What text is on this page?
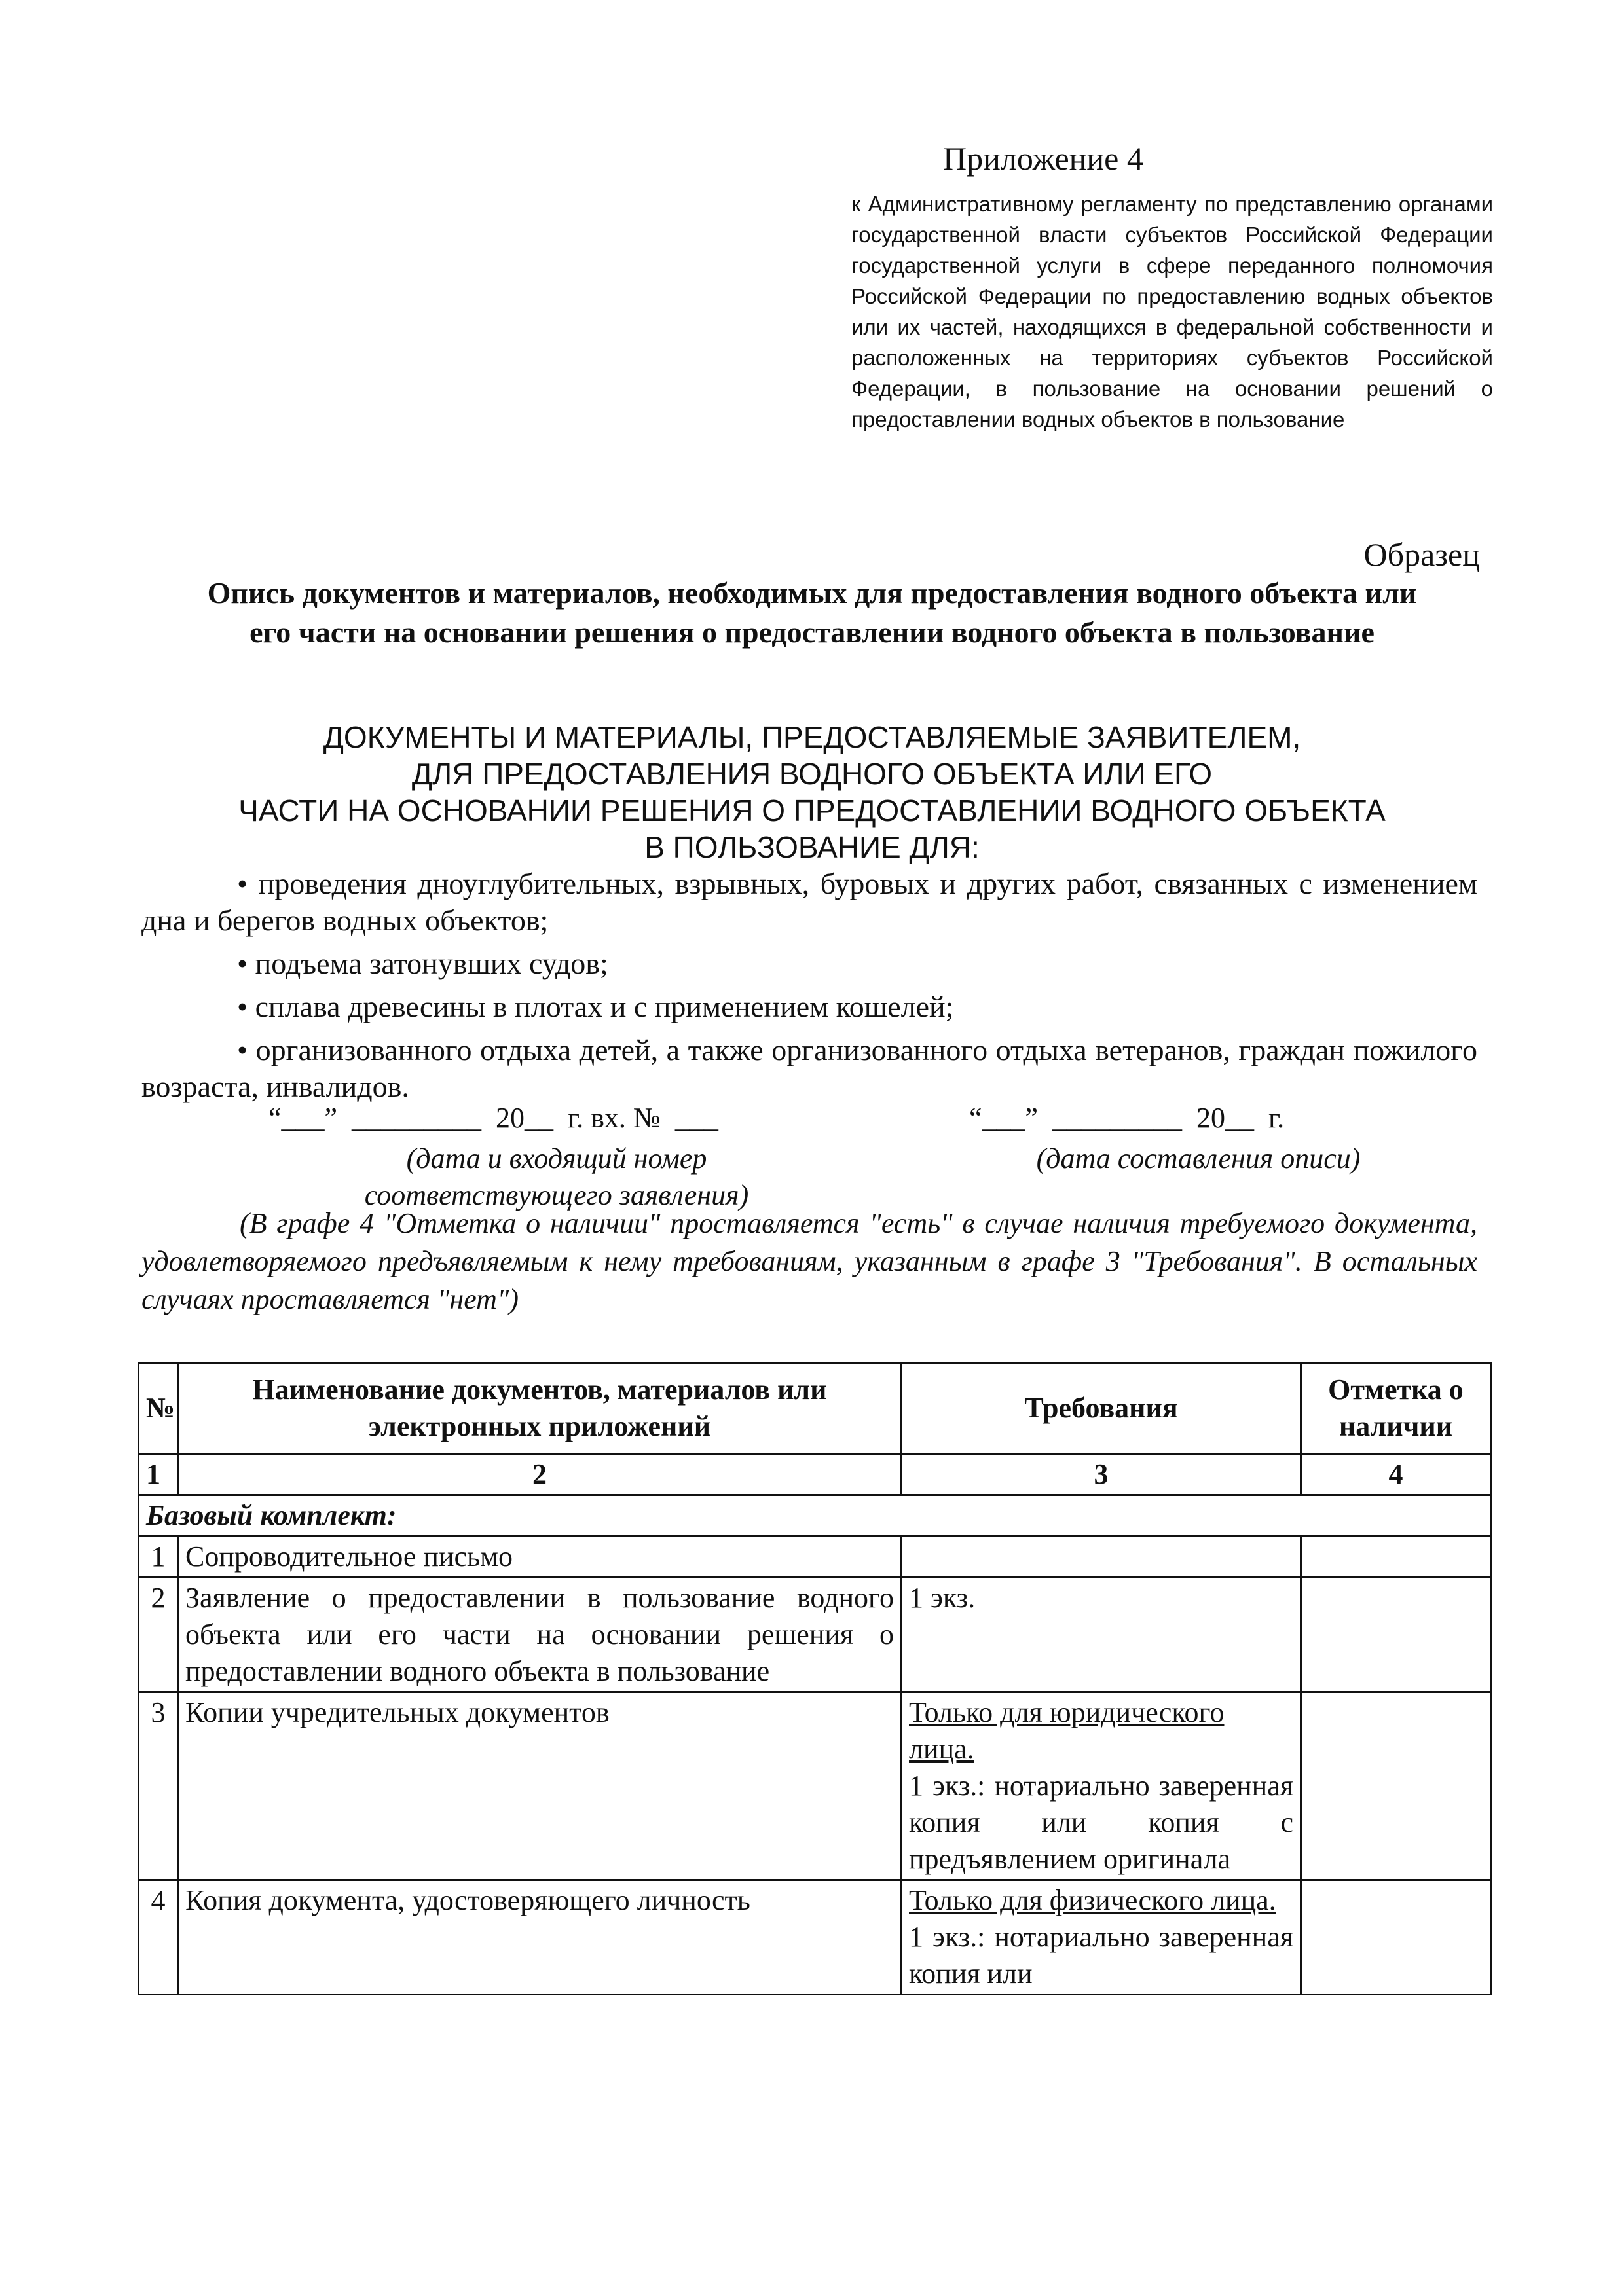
Приложение 4
к Административному регламенту по представлению органами государственной власти субъектов Российской Федерации государственной услуги в сфере переданного полномочия Российской Федерации по предоставлению водных объектов или их частей, находящихся в федеральной собственности и расположенных на территориях субъектов Российской Федерации, в пользование на основании решений о предоставлении водных объектов в пользование
Образец
Опись документов и материалов, необходимых для предоставления водного объекта или его части на основании решения о предоставлении водного объекта в пользование
ДОКУМЕНТЫ И МАТЕРИАЛЫ, ПРЕДОСТАВЛЯЕМЫЕ ЗАЯВИТЕЛЕМ,
ДЛЯ ПРЕДОСТАВЛЕНИЯ ВОДНОГО ОБЪЕКТА ИЛИ ЕГО
ЧАСТИ НА ОСНОВАНИИ РЕШЕНИЯ О ПРЕДОСТАВЛЕНИИ ВОДНОГО ОБЪЕКТА
В ПОЛЬЗОВАНИЕ ДЛЯ:

• проведения дноуглубительных, взрывных, буровых и других работ, связанных с изменением дна и берегов водных объектов;

• подъема затонувших судов;

• сплава древесины в плотах и с применением кошелей;

• организованного отдыха детей, а также организованного отдыха ветеранов, граждан пожилого возраста, инвалидов.

“___”  _________  20__  г. вх. №  ___
(дата и входящий номер соответствующего заявления)
“___”  _________  20__  г.
(дата составления описи)
(В графе 4 "Отметка о наличии" проставляется "есть" в случае наличия требуемого документа, удовлетворяемого предъявляемым к нему требованиям, указанным в графе 3 "Требования". В остальных случаях проставляется "нет")
№	Наименование документов, материалов или электронных приложений	Требования	Отметка о наличии
1	2	3	4
Базовый комплект:			
1	Сопроводительное письмо		
2	Заявление о предоставлении в пользование водного объекта или его части на основании решения о предоставлении водного объекта в пользование	1 экз.	

3	Копии учредительных документов	Только для юридического лица.
1 экз.: нотариально заверенная копия или копия с предъявлением оригинала	

4	Копия документа, удостоверяющего личность	Только для физического лица.
1 экз.: нотариально заверенная копия или	
